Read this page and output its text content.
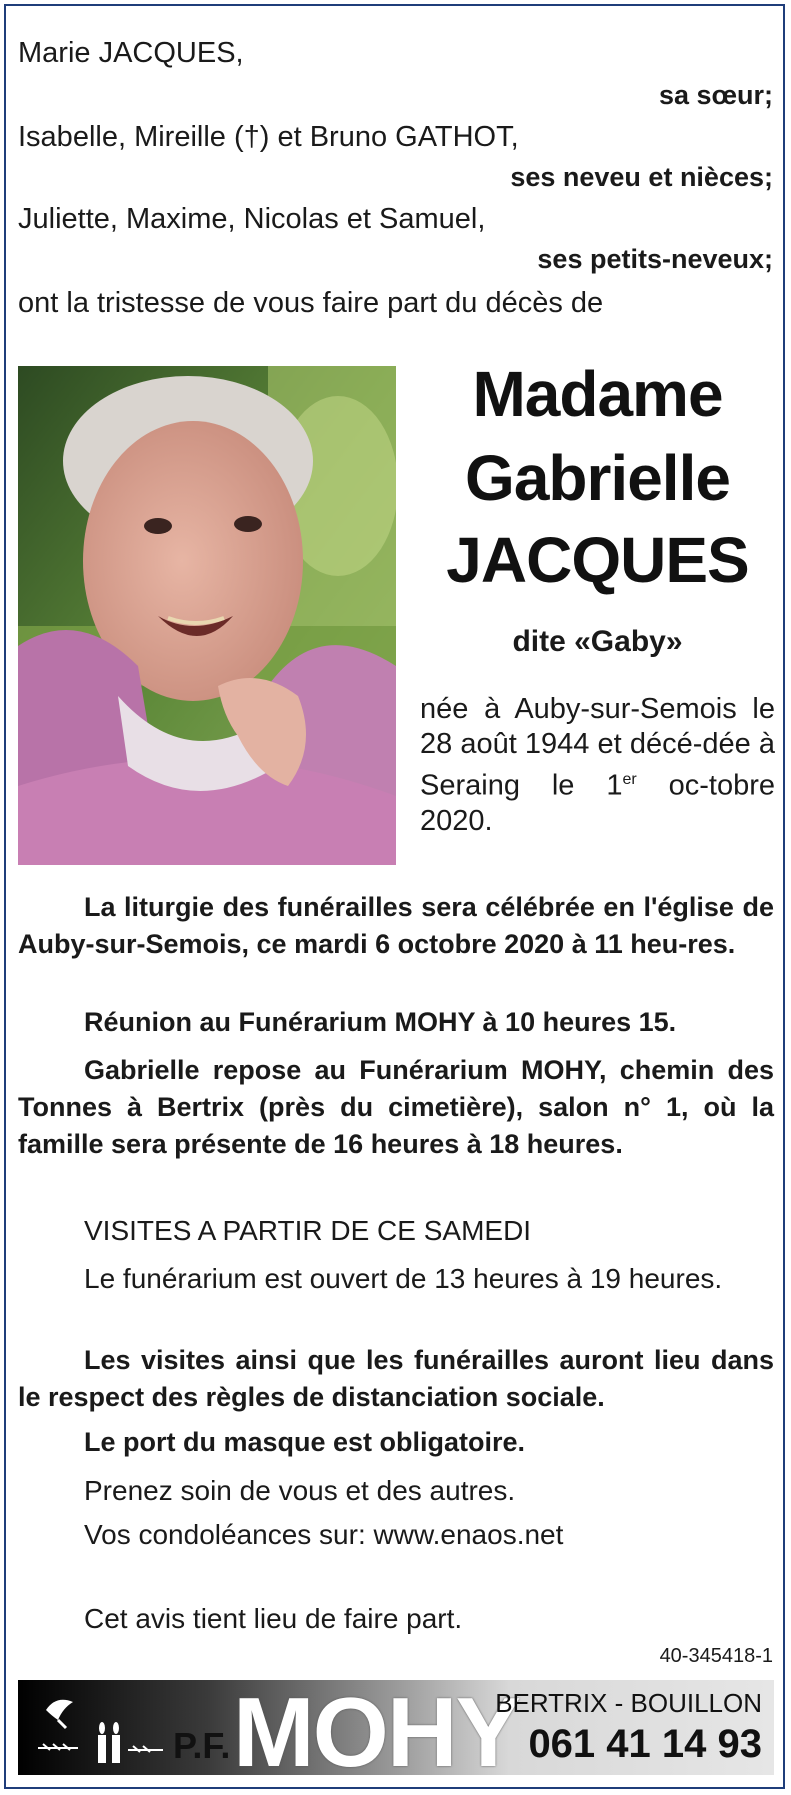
Marie JACQUES,
sa sœur;
Isabelle, Mireille (†) et Bruno GATHOT,
ses neveu et nièces;
Juliette, Maxime, Nicolas et Samuel,
ses petits-neveux;
ont la tristesse de vous faire part du décès de
Madame
Gabrielle
JACQUES
dite «Gaby»
née à Auby-sur-Semois le 28 août 1944 et décé-dée à Seraing le 1er oc-tobre 2020.
La liturgie des funérailles sera célébrée en l'église de Auby-sur-Semois, ce mardi 6 octobre 2020 à 11 heu-res.
Réunion au Funérarium MOHY à 10 heures 15.
Gabrielle repose au Funérarium MOHY, chemin des Tonnes à Bertrix (près du cimetière), salon n° 1, où la famille sera présente de 16 heures à 18 heures.
VISITES A PARTIR DE CE SAMEDI
Le funérarium est ouvert de 13 heures à 19 heures.
Les visites ainsi que les funérailles auront lieu dans le respect des règles de distanciation sociale.
Le port du masque est obligatoire.
Prenez soin de vous et des autres.
Vos condoléances sur: www.enaos.net
Cet avis tient lieu de faire part.
40-345418-1
P.F. MOHY
BERTRIX - BOUILLON
061 41 14 93
